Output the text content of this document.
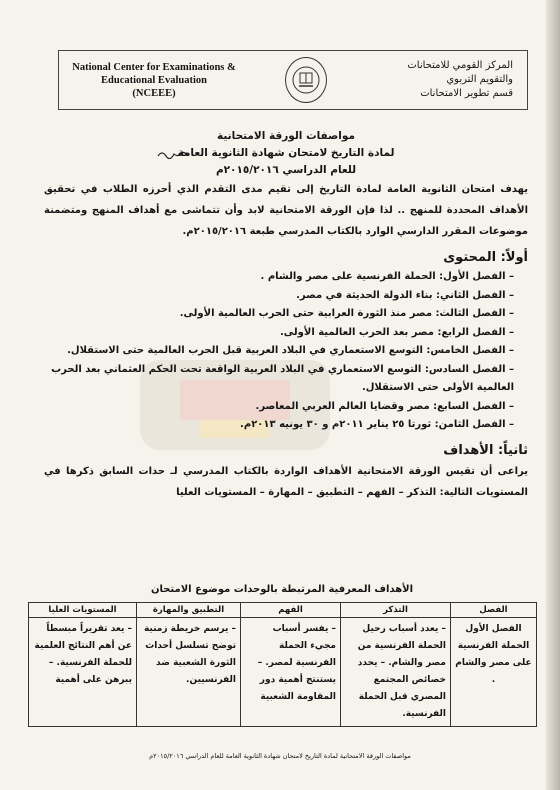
National Center for Examinations &
Educational Evaluation
(NCEEE)
المركز القومي للامتحانات
والتقويم التربوي
قسم تطوير الامتحانات
مواصفات الورقة الامتحانية
لمادة التاريخ لامتحان شهادة الثانوية العامة
للعام الدراسي ٢٠١٥/٢٠١٦م
يهدف امتحان الثانوية العامة لمادة التاريخ إلى تقيم مدى التقدم الذي أحرزه الطلاب في تحقيق الأهداف المحددة للمنهج .. لذا فإن الورقة الامتحانية لابد وأن تتماشى مع أهداف المنهج ومتضمنة موضوعات المقرر الدارسي الوارد بالكتاب المدرسي طبعة ٢٠١٥/٢٠١٦م.
أولاً: المحتوى
– الفصل الأول: الحملة الفرنسية على مصر والشام .
– الفصل الثاني: بناء الدولة الحديثة في مصر.
– الفصل الثالث: مصر منذ الثورة العرابية حتى الحرب العالمية الأولى.
– الفصل الرابع: مصر بعد الحرب العالمية الأولى.
– الفصل الخامس: التوسع الاستعماري في البلاد العربية قبل الحرب العالمية حتى الاستقلال.
– الفصل السادس: التوسع الاستعماري في البلاد العربية الواقعة تحت الحكم العثماني بعد الحرب العالمية الأولى حتى الاستقلال.
– الفصل السابع: مصر وقضايا العالم العربي المعاصر.
– الفصل الثامن: ثورتا ٢٥ يناير ٢٠١١م و ٣٠ يونيه ٢٠١٣م.
ثانياً: الأهداف
يراعى أن تقيس الورقة الامتحانية الأهداف الواردة بالكتاب المدرسي لـ حدات السابق ذكرها في المستويات التالية: التذكر – الفهم – التطبيق – المهارة – المستويات العليا
الأهداف المعرفية المرتبطة بالوحدات موضوع الامتحان
الفصل	التذكر	الفهم	التطبيق والمهارة	المستويات العليا
الفصل الأول الحملة الفرنسية على مصر والشام .	– يعدد أسباب رحيل الحملة الفرنسية من مصر والشام. – يحدد خصائص المجتمع المصري قبل الحملة الفرنسية.	– يفسر أسباب مجيء الحملة الفرنسية لمصر. – يستنتج أهمية دور المقاومة الشعبية	– يرسم خريطة زمنية توضح تسلسل أحداث الثورة الشعبية ضد الفرنسيين.	– يعد تقريراً مبسطاً عن أهم النتائج العلمية للحملة الفرنسية. – يبرهن على أهمية
مواصفات الورقة الامتحانية لمادة التاريخ لامتحان شهادة الثانوية العامة للعام الدراسي ٢٠١٥/٢٠١٦م
